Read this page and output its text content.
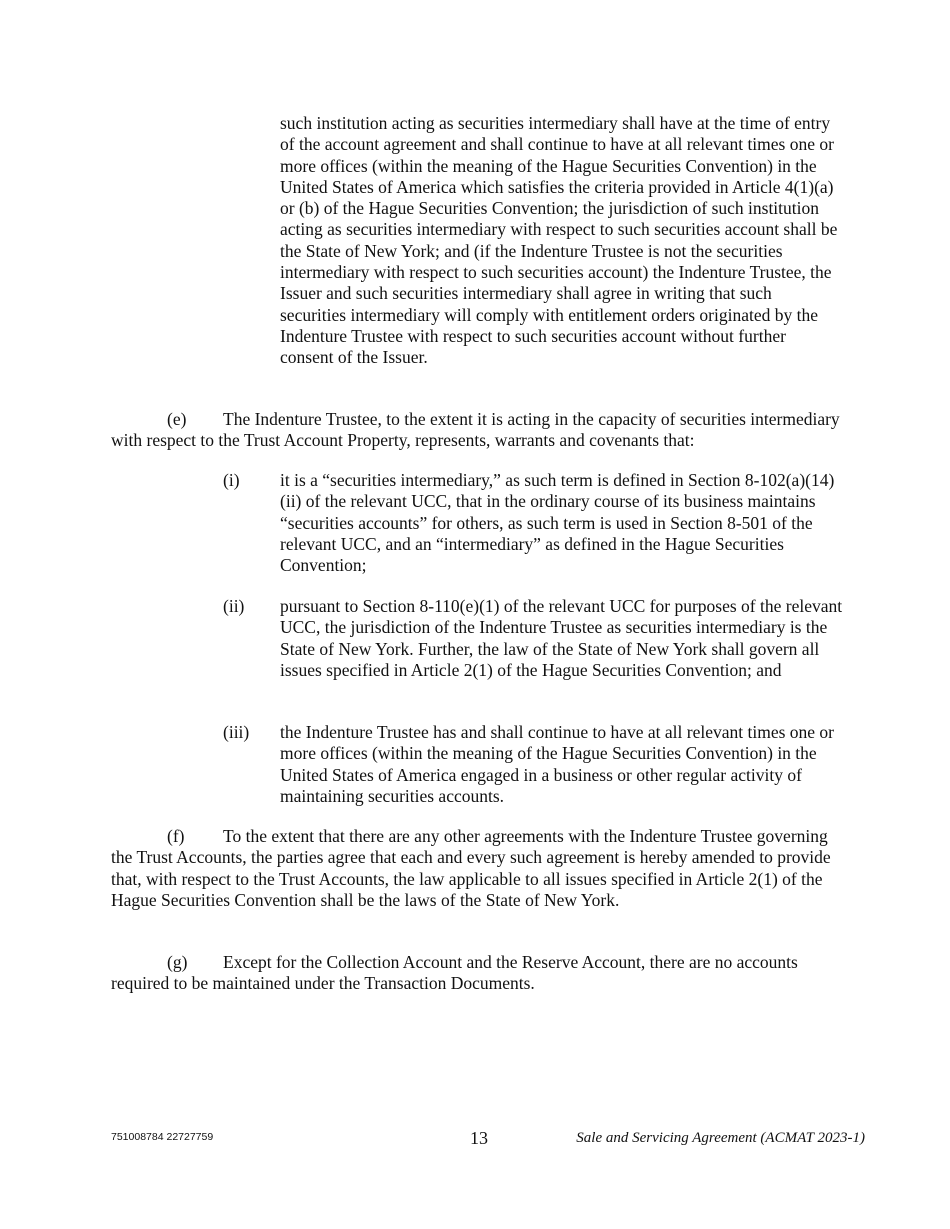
such institution acting as securities intermediary shall have at the time of entry of the account agreement and shall continue to have at all relevant times one or more offices (within the meaning of the Hague Securities Convention) in the United States of America which satisfies the criteria provided in Article 4(1)(a) or (b) of the Hague Securities Convention; the jurisdiction of such institution acting as securities intermediary with respect to such securities account shall be the State of New York; and (if the Indenture Trustee is not the securities intermediary with respect to such securities account) the Indenture Trustee, the Issuer and such securities intermediary shall agree in writing that such securities intermediary will comply with entitlement orders originated by the Indenture Trustee with respect to such securities account without further consent of the Issuer.

(e) The Indenture Trustee, to the extent it is acting in the capacity of securities intermediary with respect to the Trust Account Property, represents, warrants and covenants that:

(i) it is a “securities intermediary,” as such term is defined in Section 8-102(a)(14)(ii) of the relevant UCC, that in the ordinary course of its business maintains “securities accounts” for others, as such term is used in Section 8-501 of the relevant UCC, and an “intermediary” as defined in the Hague Securities Convention;
(ii) pursuant to Section 8-110(e)(1) of the relevant UCC for purposes of the relevant UCC, the jurisdiction of the Indenture Trustee as securities intermediary is the State of New York. Further, the law of the State of New York shall govern all issues specified in Article 2(1) of the Hague Securities Convention; and
(iii) the Indenture Trustee has and shall continue to have at all relevant times one or more offices (within the meaning of the Hague Securities Convention) in the United States of America engaged in a business or other regular activity of maintaining securities accounts.

(f) To the extent that there are any other agreements with the Indenture Trustee governing the Trust Accounts, the parties agree that each and every such agreement is hereby amended to provide that, with respect to the Trust Accounts, the law applicable to all issues specified in Article 2(1) of the Hague Securities Convention shall be the laws of the State of New York.

(g) Except for the Collection Account and the Reserve Account, there are no accounts required to be maintained under the Transaction Documents.

751008784 22727759	13	Sale and Servicing Agreement (ACMAT 2023-1)
